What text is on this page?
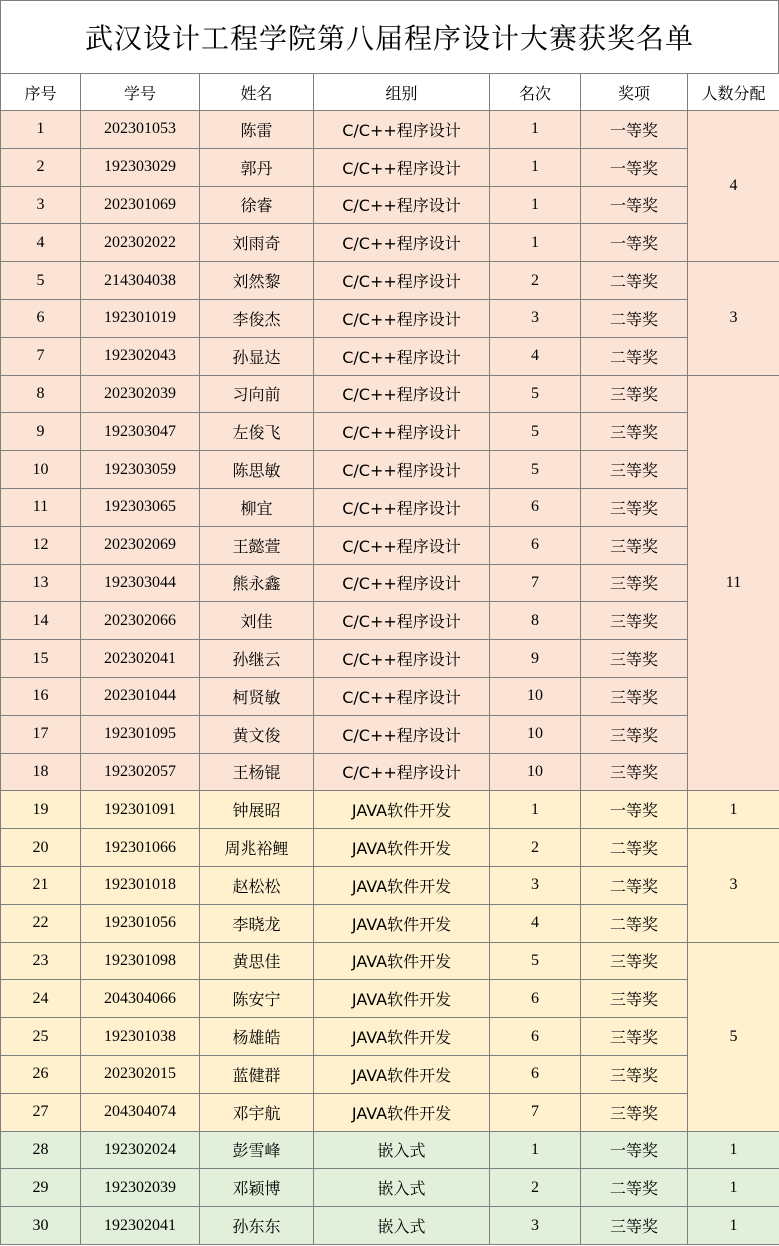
武汉设计工程学院第八届程序设计大赛获奖名单
序号	学号	姓名	组别	名次	奖项	人数分配
1	202301053	陈雷	C/C++程序设计	1	一等奖	4
2	192303029	郭丹	C/C++程序设计	1	一等奖	
3	202301069	徐睿	C/C++程序设计	1	一等奖	
4	202302022	刘雨奇	C/C++程序设计	1	一等奖	
5	214304038	刘然黎	C/C++程序设计	2	二等奖	3
6	192301019	李俊杰	C/C++程序设计	3	二等奖	
7	192302043	孙显达	C/C++程序设计	4	二等奖	
8	202302039	习向前	C/C++程序设计	5	三等奖	11
9	192303047	左俊飞	C/C++程序设计	5	三等奖	
10	192303059	陈思敏	C/C++程序设计	5	三等奖	
11	192303065	柳宜	C/C++程序设计	6	三等奖	
12	202302069	王懿萱	C/C++程序设计	6	三等奖	
13	192303044	熊永鑫	C/C++程序设计	7	三等奖	
14	202302066	刘佳	C/C++程序设计	8	三等奖	
15	202302041	孙继云	C/C++程序设计	9	三等奖	
16	202301044	柯贤敏	C/C++程序设计	10	三等奖	
17	192301095	黄文俊	C/C++程序设计	10	三等奖	
18	192302057	王杨锟	C/C++程序设计	10	三等奖	
19	192301091	钟展昭	JAVA软件开发	1	一等奖	1
20	192301066	周兆裕鲤	JAVA软件开发	2	二等奖	3
21	192301018	赵松松	JAVA软件开发	3	二等奖	
22	192301056	李晓龙	JAVA软件开发	4	二等奖	
23	192301098	黄思佳	JAVA软件开发	5	三等奖	5
24	204304066	陈安宁	JAVA软件开发	6	三等奖	
25	192301038	杨雄皓	JAVA软件开发	6	三等奖	
26	202302015	蓝健群	JAVA软件开发	6	三等奖	
27	204304074	邓宇航	JAVA软件开发	7	三等奖	
28	192302024	彭雪峰	嵌入式	1	一等奖	1
29	192302039	邓颖博	嵌入式	2	二等奖	1
30	192302041	孙东东	嵌入式	3	三等奖	1
